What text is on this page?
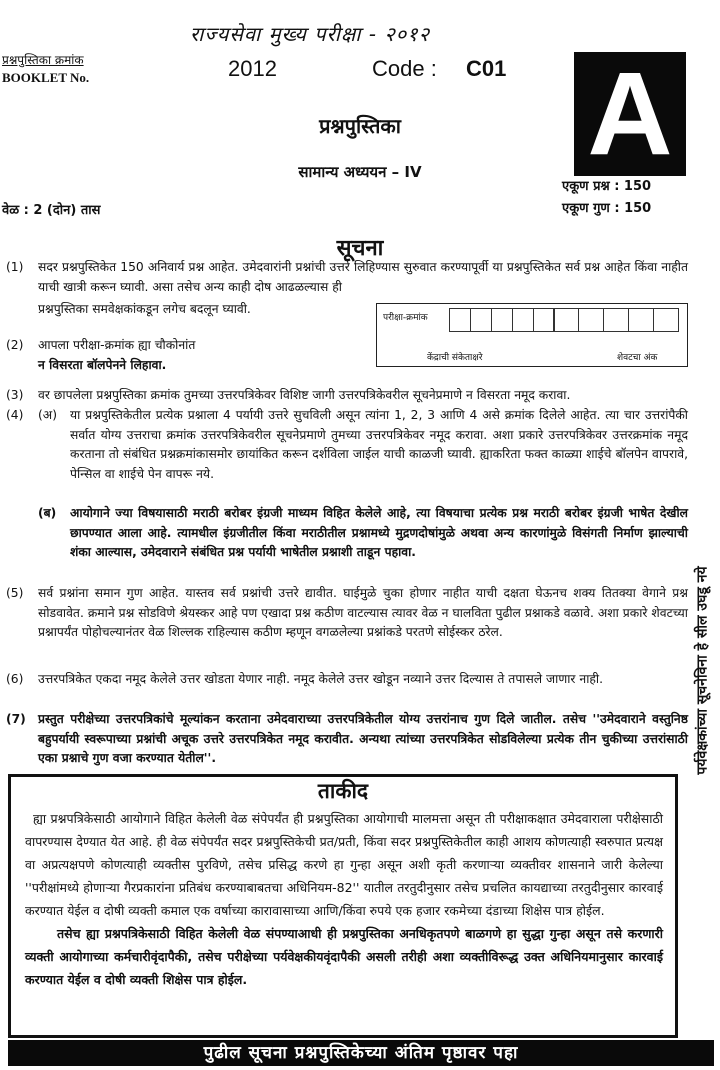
राज्यसेवा मुख्य परीक्षा - २०१२
प्रश्नपुस्तिका क्रमांक
BOOKLET No.	2012	Code : C01 A
प्रश्नपुस्तिका
सामान्य अध्ययन – IV
एकूण प्रश्न : 150
एकूण गुण : 150
वेळ : 2 (दोन) तास
सूचना
(1)	सदर प्रश्नपुस्तिकेत 150 अनिवार्य प्रश्न आहेत. उमेदवारांनी प्रश्नांची उत्तरे लिहिण्यास सुरुवात करण्यापूर्वी या प्रश्नपुस्तिकेत सर्व प्रश्न आहेत किंवा नाहीत याची खात्री करून घ्यावी. असा तसेच अन्य काही दोष आढळल्यास ही
प्रश्नपुस्तिका समवेक्षकांकडून लगेच बदलून घ्यावी.
परीक्षा-क्रमांक
केंद्राची संकेताक्षरे	शेवटचा अंक
(2)	आपला परीक्षा-क्रमांक ह्या चौकोनांत
न विसरता बॉलपेनने लिहावा.
(3)	वर छापलेला प्रश्नपुस्तिका क्रमांक तुमच्या उत्तरपत्रिकेवर विशिष्ट जागी उत्तरपत्रिकेवरील सूचनेप्रमाणे न विसरता नमूद करावा.
(4)	(अ)	या प्रश्नपुस्तिकेतील प्रत्येक प्रश्नाला 4 पर्यायी उत्तरे सुचविली असून त्यांना 1, 2, 3 आणि 4 असे क्रमांक दिलेले आहेत. त्या चार उत्तरांपैकी सर्वात योग्य उत्तराचा क्रमांक उत्तरपत्रिकेवरील सूचनेप्रमाणे तुमच्या उत्तरपत्रिकेवर नमूद करावा. अशा प्रकारे उत्तरपत्रिकेवर उत्तरक्रमांक नमूद करताना तो संबंधित प्रश्नक्रमांकासमोर छायांकित करून दर्शविला जाईल याची काळजी घ्यावी. ह्याकरिता फक्त काळ्या शाईचे बॉलपेन वापरावे, पेन्सिल वा शाईचे पेन वापरू नये.
(ब)	आयोगाने ज्या विषयासाठी मराठी बरोबर इंग्रजी माध्यम विहित केलेले आहे, त्या विषयाचा प्रत्येक प्रश्न मराठी बरोबर इंग्रजी भाषेत देखील छापण्यात आला आहे. त्यामधील इंग्रजीतील किंवा मराठीतील प्रश्नामध्ये मुद्रणदोषांमुळे अथवा अन्य कारणांमुळे विसंगती निर्माण झाल्याची शंका आल्यास, उमेदवाराने संबंधित प्रश्न पर्यायी भाषेतील प्रश्नाशी ताडून पहावा.
(5)	सर्व प्रश्नांना समान गुण आहेत. यास्तव सर्व प्रश्नांची उत्तरे द्यावीत. घाईमुळे चुका होणार नाहीत याची दक्षता घेऊनच शक्य तितक्या वेगाने प्रश्न सोडवावेत. क्रमाने प्रश्न सोडविणे श्रेयस्कर आहे पण एखादा प्रश्न कठीण वाटल्यास त्यावर वेळ न घालविता पुढील प्रश्नाकडे वळावे. अशा प्रकारे शेवटच्या प्रश्नापर्यंत पोहोचल्यानंतर वेळ शिल्लक राहिल्यास कठीण म्हणून वगळलेल्या प्रश्नांकडे परतणे सोईस्कर ठरेल.
(6)	उत्तरपत्रिकेत एकदा नमूद केलेले उत्तर खोडता येणार नाही. नमूद केलेले उत्तर खोडून नव्याने उत्तर दिल्यास ते तपासले जाणार नाही.
(7) प्रस्तुत परीक्षेच्या उत्तरपत्रिकांचे मूल्यांकन करताना उमेदवाराच्या उत्तरपत्रिकेतील योग्य उत्तरांनाच गुण दिले जातील. तसेच ''उमेदवाराने वस्तुनिष्ठ बहुपर्यायी स्वरूपाच्या प्रश्नांची अचूक उत्तरे उत्तरपत्रिकेत नमूद करावीत. अन्यथा त्यांच्या उत्तरपत्रिकेत सोडविलेल्या प्रत्येक तीन चुकीच्या उत्तरांसाठी एका प्रश्नाचे गुण वजा करण्यात येतील''.	पर्यवेक्षकांच्या सूचनेविना हे सील उघडू नये
ताकीद
ह्या प्रश्नपत्रिकेसाठी आयोगाने विहित केलेली वेळ संपेपर्यंत ही प्रश्नपुस्तिका आयोगाची मालमत्ता असून ती परीक्षाकक्षात उमेदवाराला परीक्षेसाठी वापरण्यास देण्यात येत आहे. ही वेळ संपेपर्यंत सदर प्रश्नपुस्तिकेची प्रत/प्रती, किंवा सदर प्रश्नपुस्तिकेतील काही आशय कोणत्याही स्वरुपात प्रत्यक्ष वा अप्रत्यक्षपणे कोणत्याही व्यक्तीस पुरविणे, तसेच प्रसिद्ध करणे हा गुन्हा असून अशी कृती करणाऱ्या व्यक्तीवर शासनाने जारी केलेल्या ''परीक्षांमध्ये होणाऱ्या गैरप्रकारांना प्रतिबंध करण्याबाबतचा अधिनियम-82'' यातील तरतुदीनुसार तसेच प्रचलित कायद्याच्या तरतुदीनुसार कारवाई करण्यात येईल व दोषी व्यक्ती कमाल एक वर्षाच्या कारावासाच्या आणि/किंवा रुपये एक हजार रकमेच्या दंडाच्या शिक्षेस पात्र होईल.
तसेच ह्या प्रश्नपत्रिकेसाठी विहित केलेली वेळ संपण्याआधी ही प्रश्नपुस्तिका अनधिकृतपणे बाळगणे हा सुद्धा गुन्हा असून तसे करणारी व्यक्ती आयोगाच्या कर्मचारीवृंदापैकी, तसेच परीक्षेच्या पर्यवेक्षकीयवृंदापैकी असली तरीही अशा व्यक्तीविरूद्ध उक्त अधिनियमानुसार कारवाई करण्यात येईल व दोषी व्यक्ती शिक्षेस पात्र होईल.
पुढील सूचना प्रश्नपुस्तिकेच्या अंतिम पृष्ठावर पहा
